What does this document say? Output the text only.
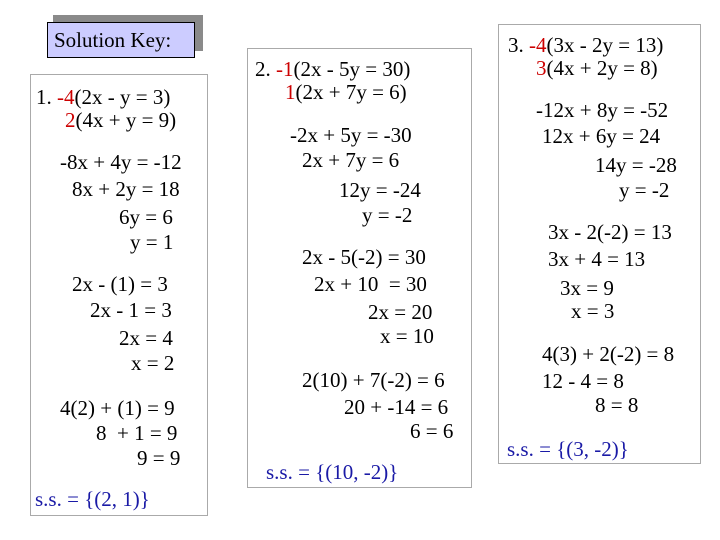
Solution Key:
1. -4(2x - y = 3)
2(4x + y = 9)
-8x + 4y = -12
8x + 2y = 18
6y = 6
y = 1
2x - (1) = 3
2x - 1 = 3
2x = 4
x = 2
4(2) + (1) = 9
8  + 1 = 9
9 = 9
s.s. = {(2, 1)}
2. -1(2x - 5y = 30)
1(2x + 7y = 6)
-2x + 5y = -30
2x + 7y = 6
12y = -24
y = -2
2x - 5(-2) = 30
2x + 10  = 30
2x = 20
x = 10
2(10) + 7(-2) = 6
20 + -14 = 6
6 = 6
s.s. = {(10, -2)}
3. -4(3x - 2y = 13)
3(4x + 2y = 8)
-12x + 8y = -52
12x + 6y = 24
14y = -28
y = -2
3x - 2(-2) = 13
3x + 4 = 13
3x = 9
x = 3
4(3) + 2(-2) = 8
12 - 4 = 8
8 = 8
s.s. = {(3, -2)}
